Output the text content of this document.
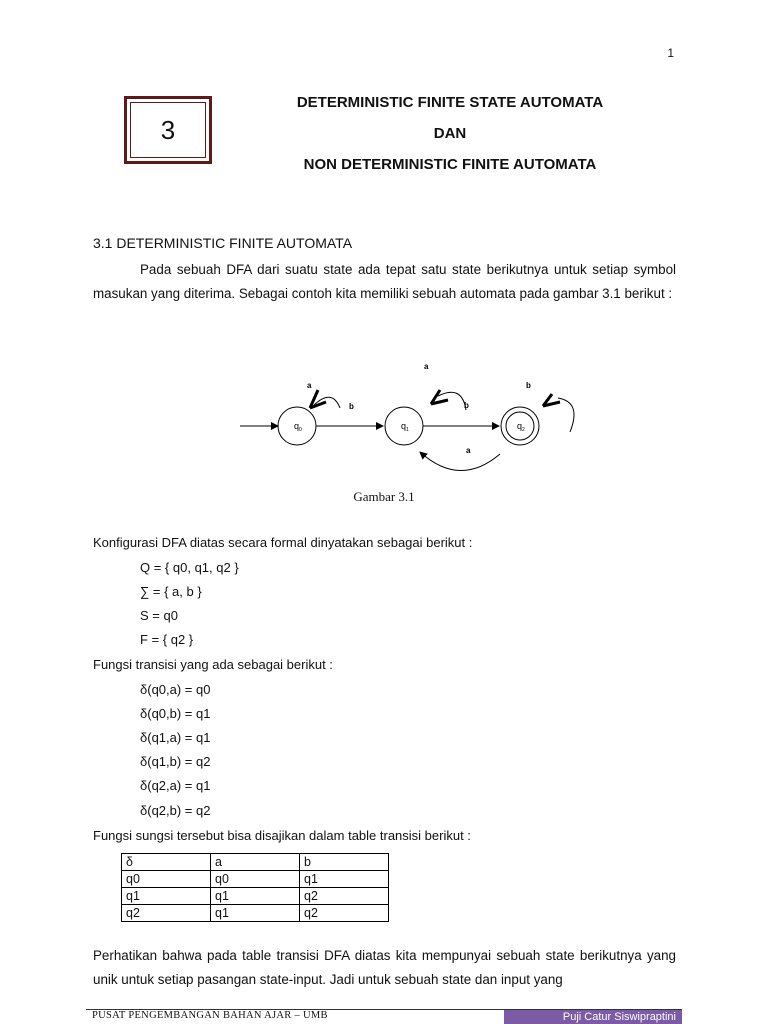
1
3
DETERMINISTIC FINITE STATE AUTOMATA
DAN
NON DETERMINISTIC FINITE AUTOMATA
3.1 DETERMINISTIC FINITE AUTOMATA
Pada sebuah DFA dari suatu state ada tepat satu state berikutnya untuk setiap symbol masukan yang diterima. Sebagai contoh kita memiliki sebuah automata pada gambar 3.1 berikut :
$q_0$	$q_1$	$q_2$
a
b
a
b
b
a
Gambar 3.1
Konfigurasi DFA diatas secara formal dinyatakan sebagai berikut :
Q = { q0, q1, q2 }
∑ = { a, b }
S = q0
F = { q2 }
Fungsi transisi yang ada sebagai berikut :
δ(q0,a) = q0
δ(q0,b) = q1
δ(q1,a) = q1
δ(q1,b) = q2
δ(q2,a) = q1
δ(q2,b) = q2
Fungsi sungsi tersebut bisa disajikan dalam table transisi berikut :
δ	a	b
q0	q0	q1
q1	q1	q2
q2	q1	q2
Perhatikan bahwa pada table transisi DFA diatas kita mempunyai sebuah state berikutnya yang unik untuk setiap pasangan state-input. Jadi untuk sebuah state dan input yang
PUSAT PENGEMBANGAN BAHAN AJAR – UMB	Puji Catur Siswipraptini
